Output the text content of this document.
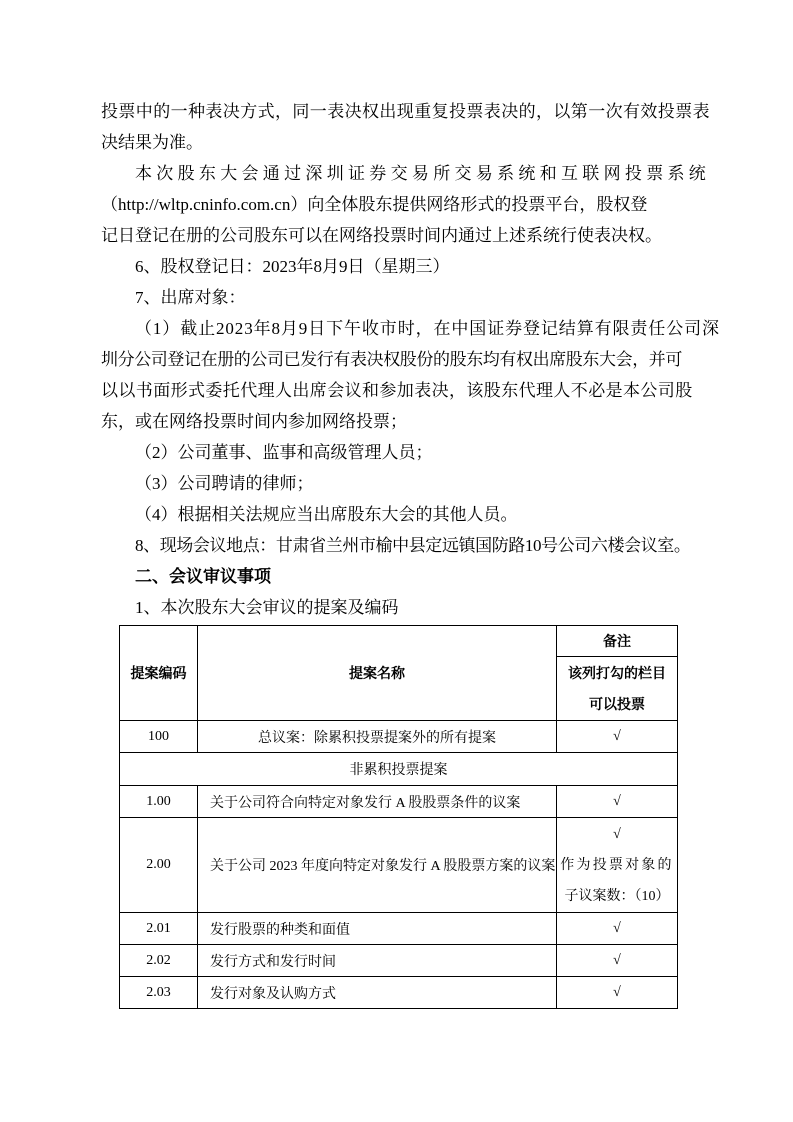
投票中的一种表决方式，同一表决权出现重复投票表决的，以第一次有效投票表
决结果为准。
本次股东大会通过深圳证券交易所交易系统和互联网投票系统
（http://wltp.cninfo.com.cn）向全体股东提供网络形式的投票平台，股权登
记日登记在册的公司股东可以在网络投票时间内通过上述系统行使表决权。
6、股权登记日：2023年8月9日（星期三）
7、出席对象：
（1）截止2023年8月9日下午收市时，在中国证券登记结算有限责任公司深
圳分公司登记在册的公司已发行有表决权股份的股东均有权出席股东大会，并可
以以书面形式委托代理人出席会议和参加表决，该股东代理人不必是本公司股
东，或在网络投票时间内参加网络投票；
（2）公司董事、监事和高级管理人员；
（3）公司聘请的律师；
（4）根据相关法规应当出席股东大会的其他人员。
8、现场会议地点：甘肃省兰州市榆中县定远镇国防路10号公司六楼会议室。
二、会议审议事项
1、本次股东大会审议的提案及编码
提案编码	提案名称	备注

		该列打勾的栏目
可以投票

100	总议案：除累积投票提案外的所有提案	√

非累积投票提案		
1.00	关于公司符合向特定对象发行 A 股股票条件的议案	√

2.00	关于公司 2023 年度向特定对象发行 A 股股票方案的议案	√
作为投票对象的
子议案数：（10）

2.01	发行股票的种类和面值	√

2.02	发行方式和发行时间	√

2.03	发行对象及认购方式	√
